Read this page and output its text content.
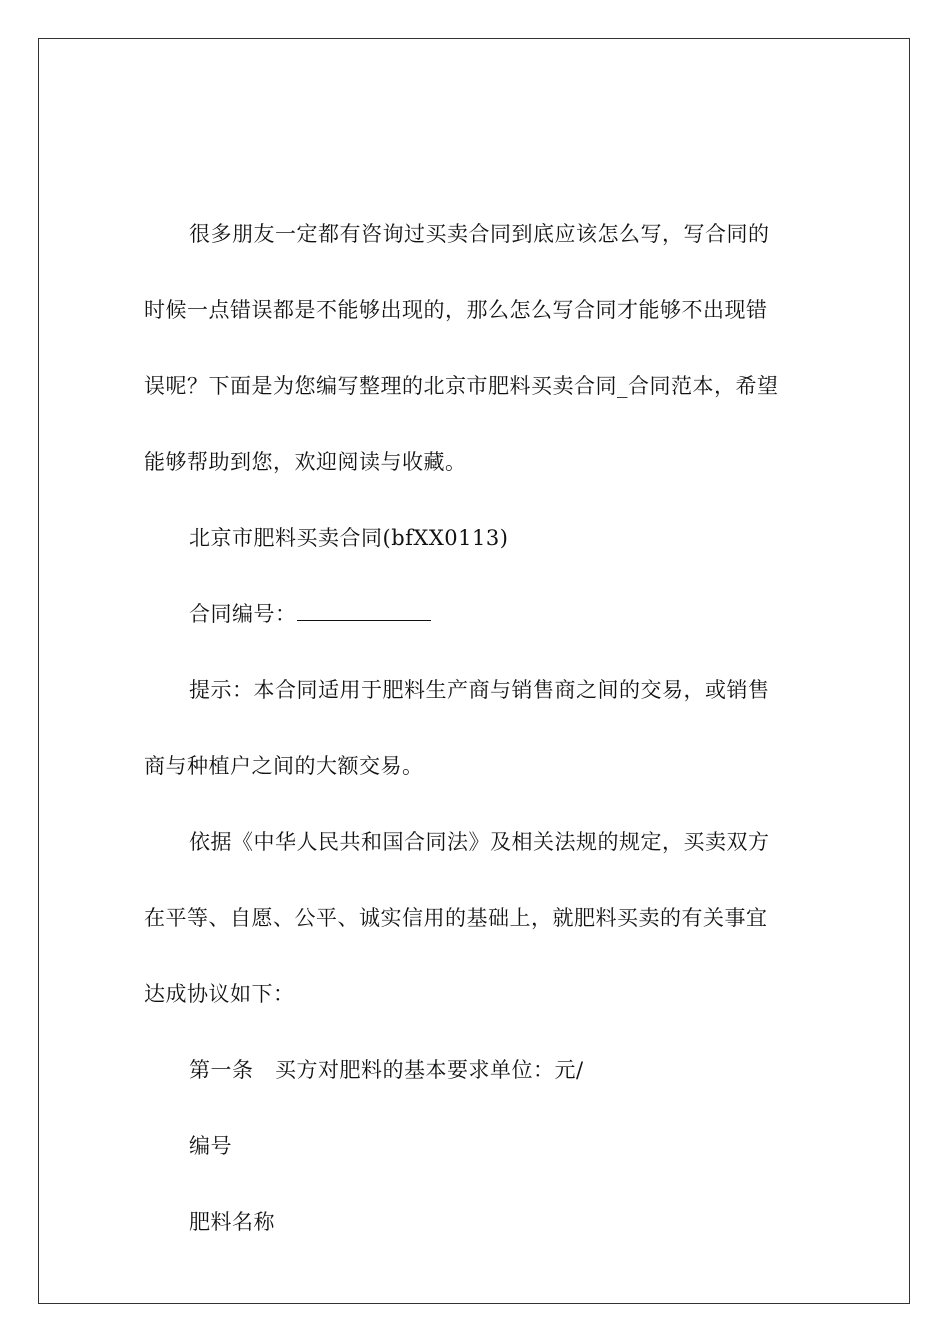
很多朋友一定都有咨询过买卖合同到底应该怎么写，写合同的
时候一点错误都是不能够出现的，那么怎么写合同才能够不出现错
误呢？下面是为您编写整理的北京市肥料买卖合同_合同范本，希望
能够帮助到您，欢迎阅读与收藏。

北京市肥料买卖合同(bfXX0113)

合同编号：

提示：本合同适用于肥料生产商与销售商之间的交易，或销售
商与种植户之间的大额交易。

依据《中华人民共和国合同法》及相关法规的规定，买卖双方
在平等、自愿、公平、诚实信用的基础上，就肥料买卖的有关事宜
达成协议如下：

第一条　买方对肥料的基本要求单位：元/

编号

肥料名称
